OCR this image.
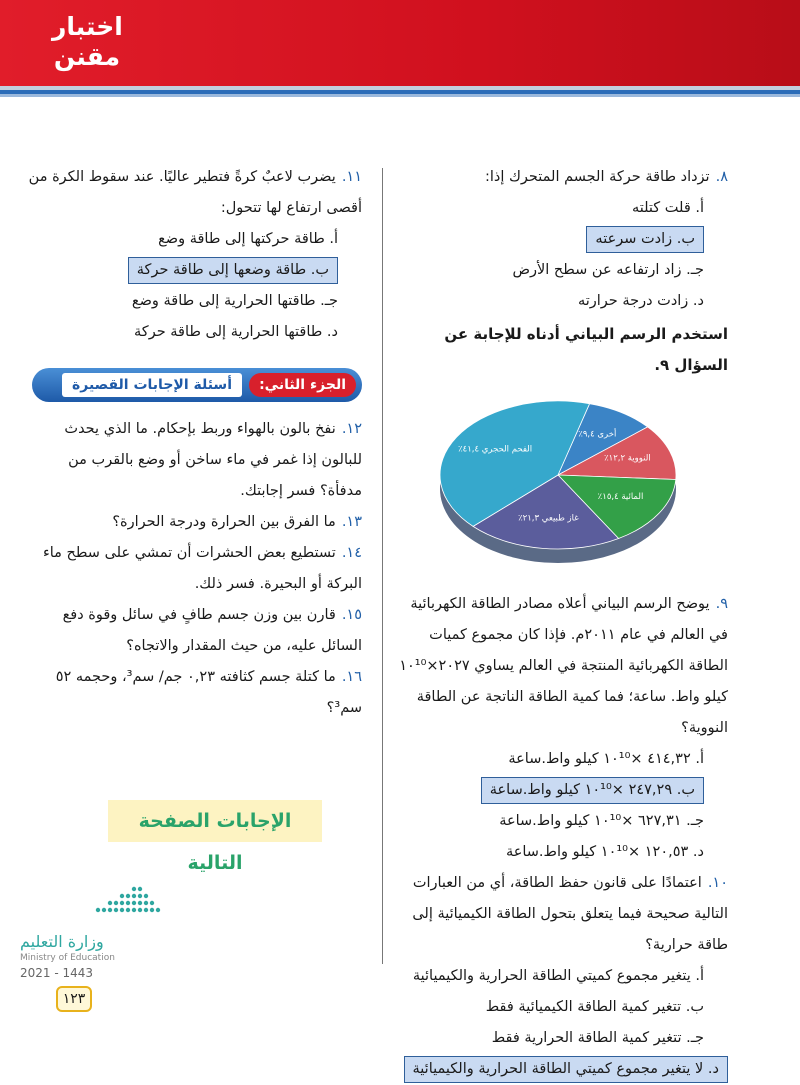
اختبار
مقنن

٨.تزداد طاقة حركة الجسم المتحرك إذا:

أ. قلت كتلته

ب. زادت سرعته

جـ. زاد ارتفاعه عن سطح الأرض

د. زادت درجة حرارته

استخدم الرسم البياني أدناه للإجابة عن السؤال ٩.

أخرى ٩,٤٪
النووية ١٢,٢٪
المائية ١٥,٤٪
غاز طبيعي ٢١,٣٪
الفحم الحجري ٤١,٤٪

٩.يوضح الرسم البياني أعلاه مصادر الطاقة الكهربائية في العالم في عام ٢٠١١م. فإذا كان مجموع كميات الطاقة الكهربائية المنتجة في العالم يساوي ٢٠٢٧×١٠¹⁰ كيلو واط. ساعة؛ فما كمية الطاقة الناتجة عن الطاقة النووية؟

أ. ٤١٤,٣٢ ×١٠¹⁰ كيلو واط.ساعة

ب. ٢٤٧,٢٩ ×١٠¹⁰ كيلو واط.ساعة

جـ. ٦٢٧,٣١ ×١٠¹⁰ كيلو واط.ساعة

د. ١٢٠,٥٣ ×١٠¹⁰ كيلو واط.ساعة

١٠.اعتمادًا على قانون حفظ الطاقة، أي من العبارات التالية صحيحة فيما يتعلق بتحول الطاقة الكيميائية إلى طاقة حرارية؟

أ. يتغير مجموع كميتي الطاقة الحرارية والكيميائية

ب. تتغير كمية الطاقة الكيميائية فقط

جـ. تتغير كمية الطاقة الحرارية فقط

د. لا يتغير مجموع كميتي الطاقة الحرارية والكيميائية

١١.يضرب لاعبٌ كرةً فتطير عاليًا. عند سقوط الكرة من أقصى ارتفاع لها تتحول:

أ. طاقة حركتها إلى طاقة وضع

ب. طاقة وضعها إلى طاقة حركة

جـ. طاقتها الحرارية إلى طاقة وضع

د. طاقتها الحرارية إلى طاقة حركة

الجزء الثاني:
أسئلة الإجابات القصيرة

١٢.نفخ بالون بالهواء وربط بإحكام. ما الذي يحدث للبالون إذا غمر في ماء ساخن أو وضع بالقرب من مدفأة؟ فسر إجابتك.

١٣.ما الفرق بين الحرارة ودرجة الحرارة؟

١٤.تستطيع بعض الحشرات أن تمشي على سطح ماء البركة أو البحيرة. فسر ذلك.

١٥.قارن بين وزن جسم طافٍ في سائل وقوة دفع السائل عليه، من حيث المقدار والاتجاه؟

١٦.ما كتلة جسم كثافته ٠,٢٣ جم/ سم³، وحجمه ٥٢ سم³؟

الإجابات الصفحة التالية
وزارة التعليم
Ministry of Education
2021 - 1443
١٢٣
